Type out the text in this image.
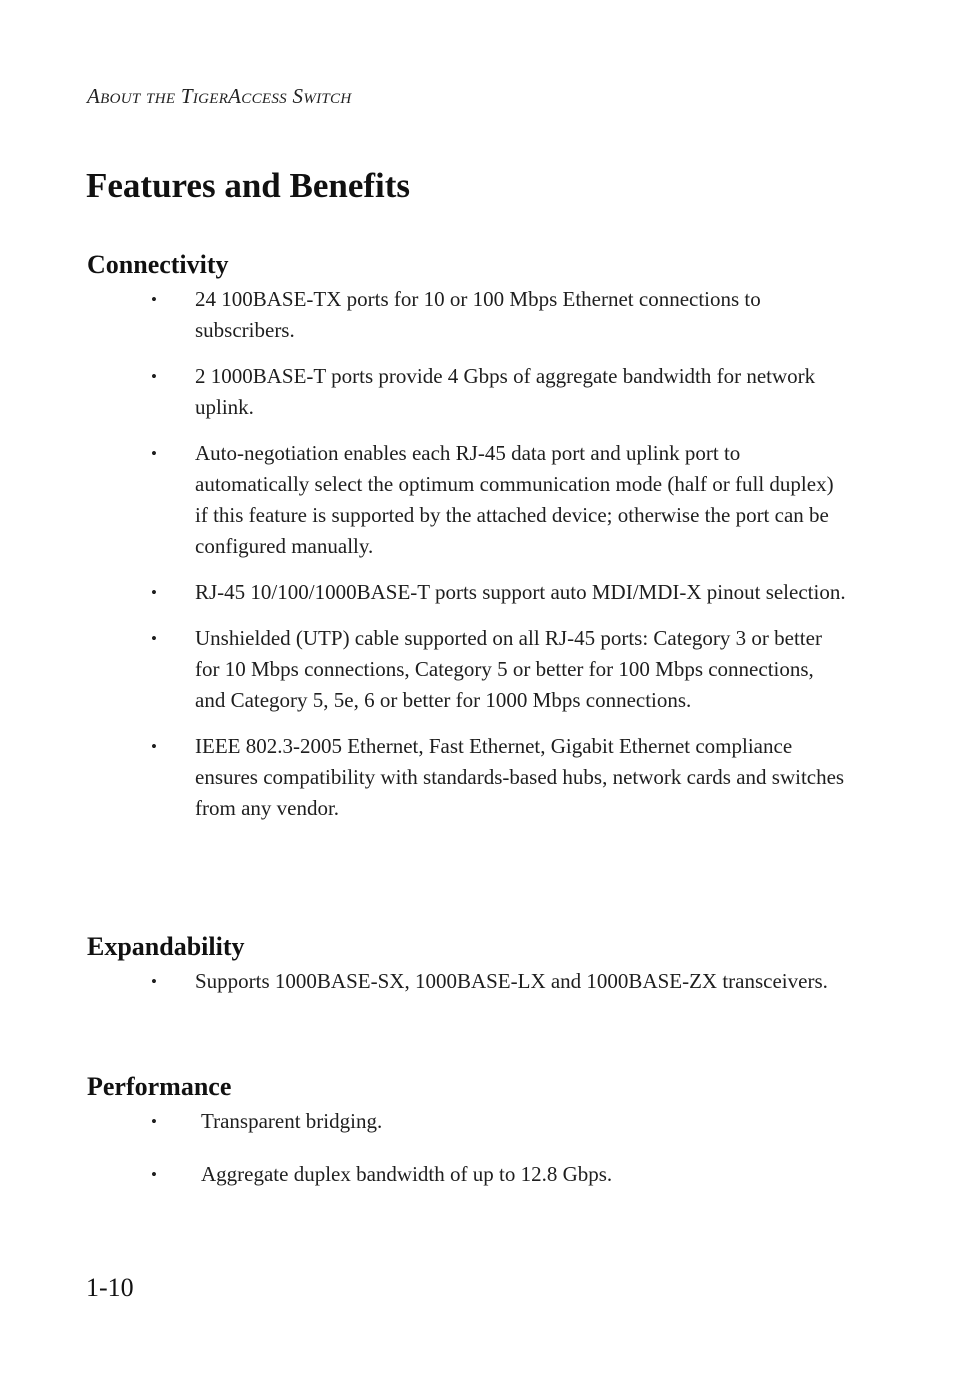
About the TigerAccess Switch
Features and Benefits
Connectivity
• 24 100BASE-TX ports for 10 or 100 Mbps Ethernet connections to subscribers.
• 2 1000BASE-T ports provide 4 Gbps of aggregate bandwidth for network uplink.
• Auto-negotiation enables each RJ-45 data port and uplink port to automatically select the optimum communication mode (half or full duplex) if this feature is supported by the attached device; otherwise the port can be configured manually.
• RJ-45 10/100/1000BASE-T ports support auto MDI/MDI-X pinout selection.
• Unshielded (UTP) cable supported on all RJ-45 ports: Category 3 or better for 10 Mbps connections, Category 5 or better for 100 Mbps connections, and Category 5, 5e, 6 or better for 1000 Mbps connections.
• IEEE 802.3-2005 Ethernet, Fast Ethernet, Gigabit Ethernet compliance ensures compatibility with standards-based hubs, network cards and switches from any vendor.
Expandability
• Supports 1000BASE-SX, 1000BASE-LX and 1000BASE-ZX transceivers.
Performance
• Transparent bridging.
• Aggregate duplex bandwidth of up to 12.8 Gbps.
1-10
